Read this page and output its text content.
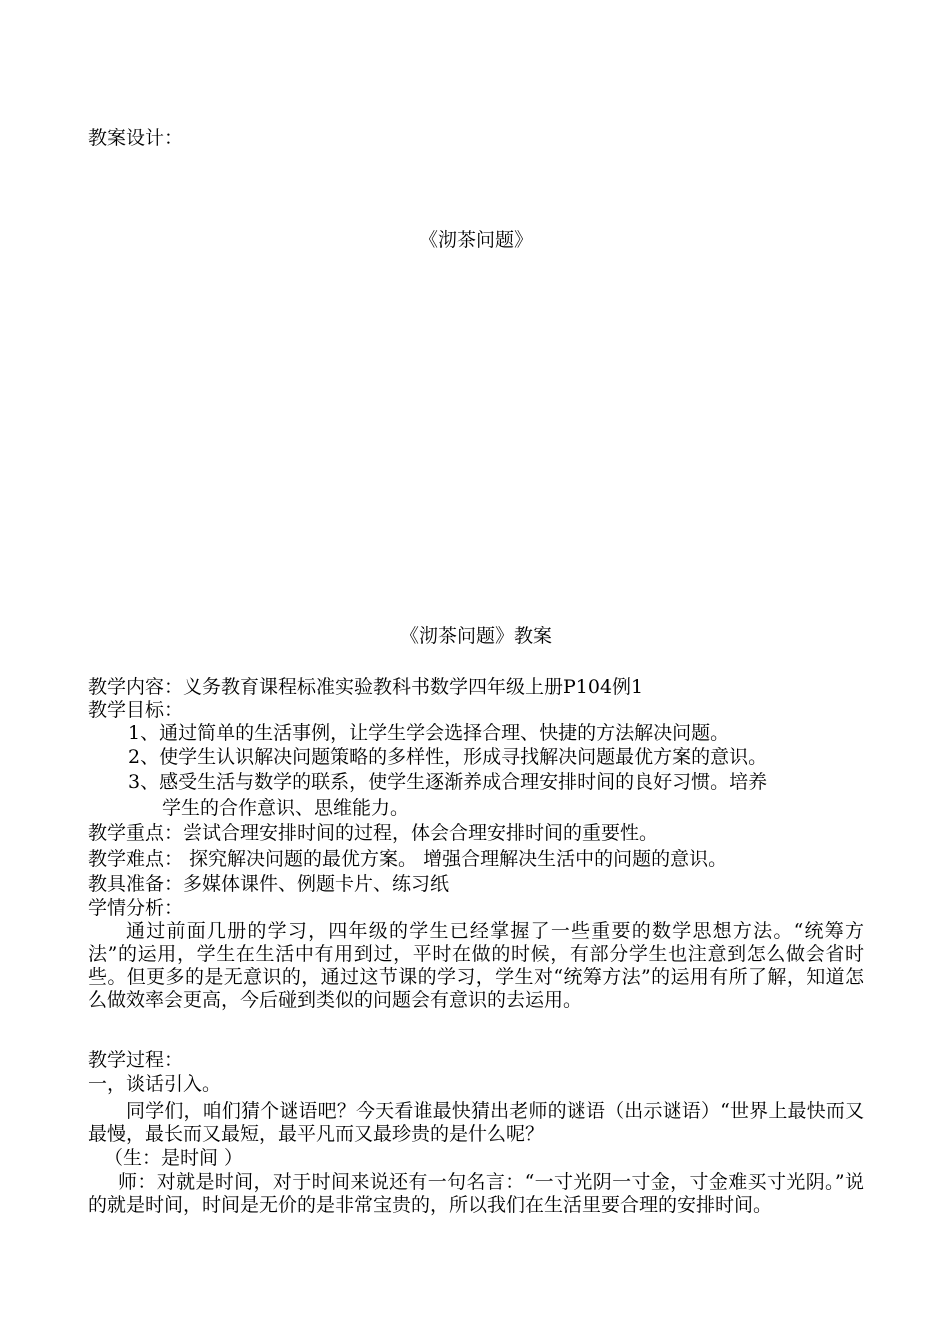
教案设计：
《沏茶问题》
《沏茶问题》教案
教学内容：义务教育课程标准实验教科书数学四年级上册P104例1
教学目标：
1、通过简单的生活事例，让学生学会选择合理、快捷的方法解决问题。
2、使学生认识解决问题策略的多样性，形成寻找解决问题最优方案的意识。
3、感受生活与数学的联系，使学生逐渐养成合理安排时间的良好习惯。培养
学生的合作意识、思维能力。
教学重点：尝试合理安排时间的过程，体会合理安排时间的重要性。
教学难点： 探究解决问题的最优方案。 增强合理解决生活中的问题的意识。
教具准备：多媒体课件、例题卡片、练习纸
学情分析：
通过前面几册的学习，四年级的学生已经掌握了一些重要的数学思想方法。“统筹方法”的运用，学生在生活中有用到过，平时在做的时候，有部分学生也注意到怎么做会省时些。但更多的是无意识的，通过这节课的学习，学生对“统筹方法”的运用有所了解，知道怎么做效率会更高，今后碰到类似的问题会有意识的去运用。
教学过程：
一，谈话引入。
同学们，咱们猜个谜语吧？今天看谁最快猜出老师的谜语（出示谜语）“世界上最快而又最慢，最长而又最短，最平凡而又最珍贵的是什么呢？
（生：是时间 ）
师：对就是时间，对于时间来说还有一句名言：“一寸光阴一寸金，寸金难买寸光阴。”说的就是时间，时间是无价的是非常宝贵的，所以我们在生活里要合理的安排时间。
